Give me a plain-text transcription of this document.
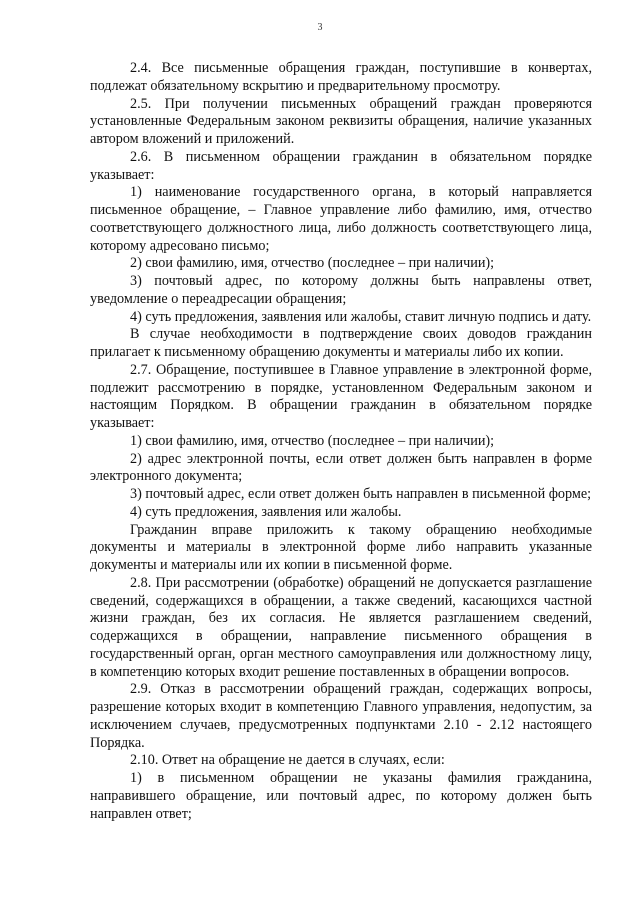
3

2.4. Все письменные обращения граждан, поступившие в конвертах, подлежат обязательному вскрытию и предварительному просмотру.

2.5. При получении письменных обращений граждан проверяются установленные Федеральным законом реквизиты обращения, наличие указанных автором вложений и приложений.

2.6. В письменном обращении гражданин в обязательном порядке указывает:

1) наименование государственного органа, в который направляется письменное обращение, – Главное управление либо фамилию, имя, отчество соответствующего должностного лица, либо должность соответствующего лица, которому адресовано письмо;

2) свои фамилию, имя, отчество (последнее – при наличии);

3) почтовый адрес, по которому должны быть направлены ответ, уведомление о переадресации обращения;

4) суть предложения, заявления или жалобы, ставит личную подпись и дату.

В случае необходимости в подтверждение своих доводов гражданин прилагает к письменному обращению документы и материалы либо их копии.

2.7. Обращение, поступившее в Главное управление в электронной форме, подлежит рассмотрению в порядке, установленном Федеральным законом и настоящим Порядком. В обращении гражданин в обязательном порядке указывает:

1) свои фамилию, имя, отчество (последнее – при наличии);

2) адрес электронной почты, если ответ должен быть направлен в форме электронного документа;

3) почтовый адрес, если ответ должен быть направлен в письменной форме;

4) суть предложения, заявления или жалобы.

Гражданин вправе приложить к такому обращению необходимые документы и материалы в электронной форме либо направить указанные документы и материалы или их копии в письменной форме.

2.8. При рассмотрении (обработке) обращений не допускается разглашение сведений, содержащихся в обращении, а также сведений, касающихся частной жизни граждан, без их согласия. Не является разглашением сведений, содержащихся в обращении, направление письменного обращения в государственный орган, орган местного самоуправления или должностному лицу, в компетенцию которых входит решение поставленных в обращении вопросов.

2.9. Отказ в рассмотрении обращений граждан, содержащих вопросы, разрешение которых входит в компетенцию Главного управления, недопустим, за исключением случаев, предусмотренных подпунктами 2.10 - 2.12 настоящего Порядка.

2.10. Ответ на обращение не дается в случаях, если:

1) в письменном обращении не указаны фамилия гражданина, направившего обращение, или почтовый адрес, по которому должен быть направлен ответ;
